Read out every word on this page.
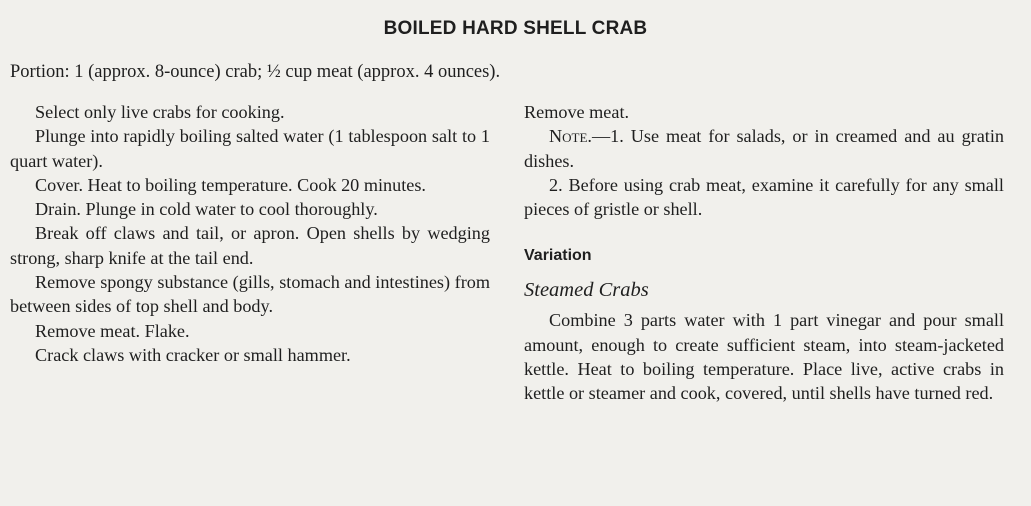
BOILED HARD SHELL CRAB
Portion: 1 (approx. 8-ounce) crab; ½ cup meat (approx. 4 ounces).

Select only live crabs for cooking.

Plunge into rapidly boiling salted water (1 tablespoon salt to 1 quart water).

Cover. Heat to boiling temperature. Cook 20 minutes.

Drain. Plunge in cold water to cool thoroughly.

Break off claws and tail, or apron. Open shells by wedging strong, sharp knife at the tail end.

Remove spongy substance (gills, stomach and intestines) from between sides of top shell and body.

Remove meat. Flake.

Crack claws with cracker or small hammer.

Remove meat.

Note.—1. Use meat for salads, or in creamed and au gratin dishes.

2. Before using crab meat, examine it carefully for any small pieces of gristle or shell.

Variation
Steamed Crabs

Combine 3 parts water with 1 part vinegar and pour small amount, enough to create sufficient steam, into steam-jacketed kettle. Heat to boiling temperature. Place live, active crabs in kettle or steamer and cook, covered, until shells have turned red.
